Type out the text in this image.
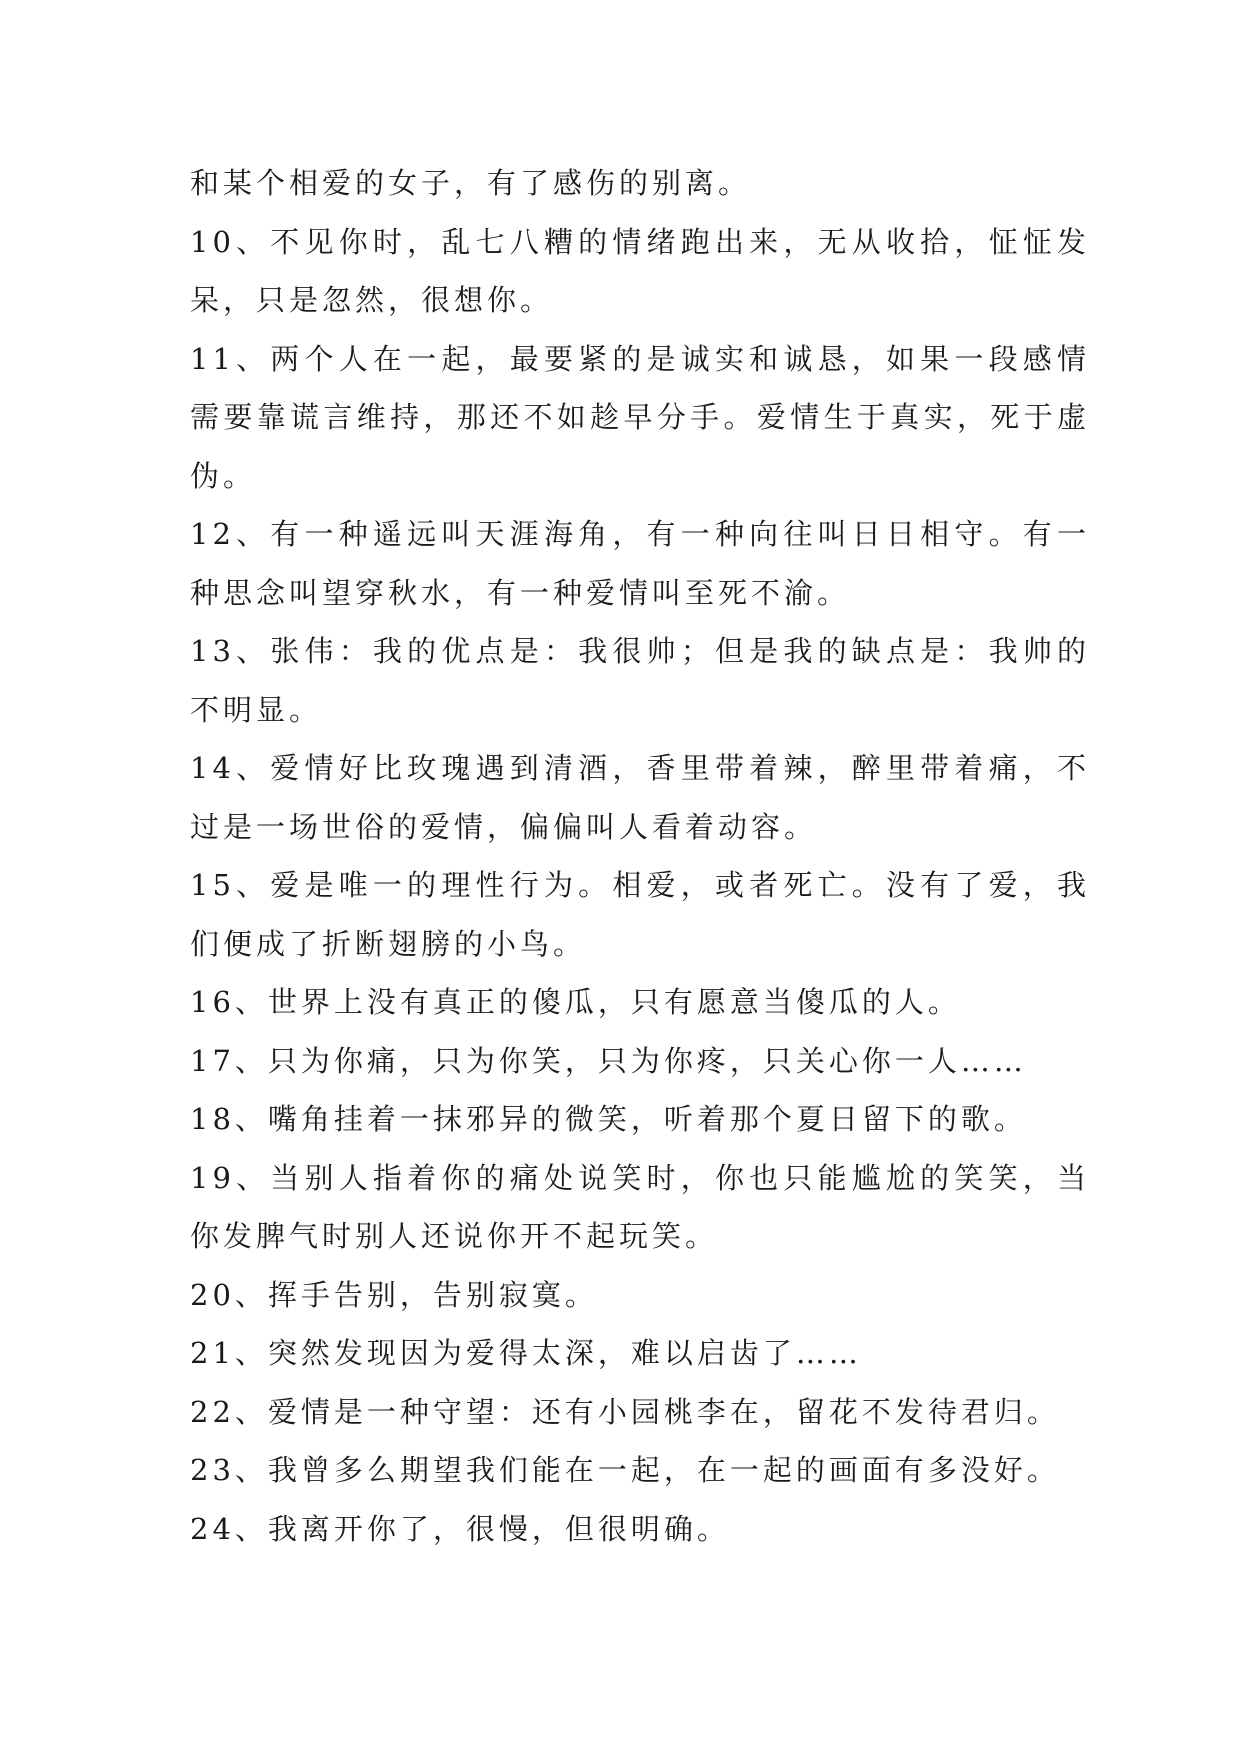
和某个相爱的女子，有了感伤的别离。

10、不见你时，乱七八糟的情绪跑出来，无从收拾，怔怔发呆，只是忽然，很想你。

11、两个人在一起，最要紧的是诚实和诚恳，如果一段感情需要靠谎言维持，那还不如趁早分手。爱情生于真实，死于虚伪。

12、有一种遥远叫天涯海角，有一种向往叫日日相守。有一种思念叫望穿秋水，有一种爱情叫至死不渝。

13、张伟：我的优点是：我很帅；但是我的缺点是：我帅的不明显。

14、爱情好比玫瑰遇到清酒，香里带着辣，醉里带着痛，不过是一场世俗的爱情，偏偏叫人看着动容。

15、爱是唯一的理性行为。相爱，或者死亡。没有了爱，我们便成了折断翅膀的小鸟。

16、世界上没有真正的傻瓜，只有愿意当傻瓜的人。

17、只为你痛，只为你笑，只为你疼，只关心你一人……

18、嘴角挂着一抹邪异的微笑，听着那个夏日留下的歌。

19、当别人指着你的痛处说笑时，你也只能尴尬的笑笑，当你发脾气时别人还说你开不起玩笑。

20、挥手告别，告别寂寞。

21、突然发现因为爱得太深，难以启齿了……

22、爱情是一种守望：还有小园桃李在，留花不发待君归。

23、我曾多么期望我们能在一起，在一起的画面有多没好。

24、我离开你了，很慢，但很明确。
